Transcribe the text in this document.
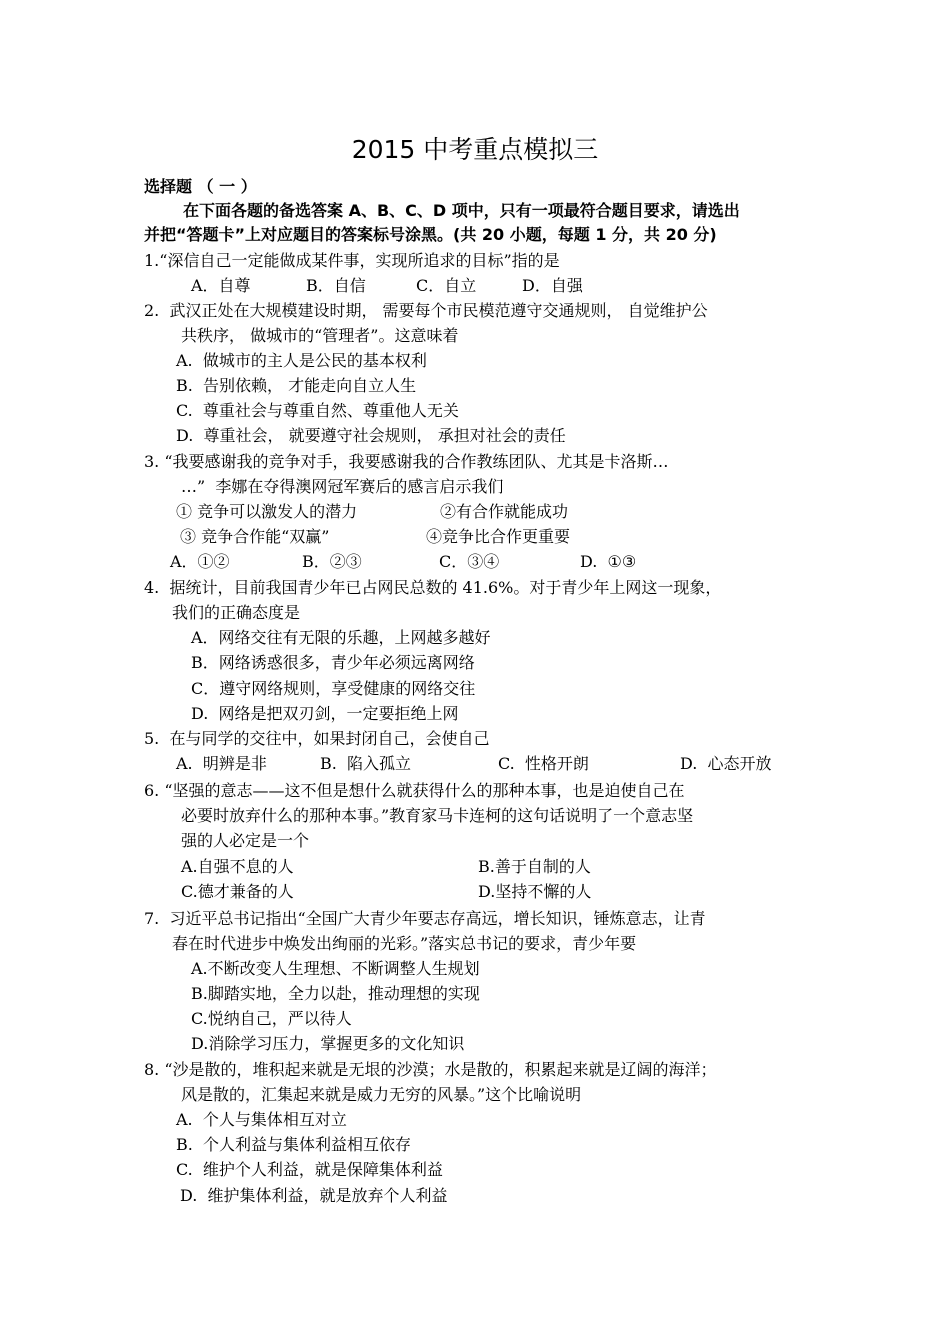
2015 中考重点模拟三
选择题 （ 一 ）
在下面各题的备选答案 A、B、C、D 项中，只有一项最符合题目要求，请选出
并把“答题卡”上对应题目的答案标号涂黑。(共 20 小题，每题 1 分，共 20 分)
1.“深信自己一定能做成某件事，实现所追求的目标”指的是
A．自尊	B．自信	C．自立	D．自强
2.  武汉正处在大规模建设时期， 需要每个市民模范遵守交通规则， 自觉维护公
共秩序， 做城市的“管理者”。这意味着
A.  做城市的主人是公民的基本权利
B.  告别依赖， 才能走向自立人生
C.  尊重社会与尊重自然、尊重他人无关
D.  尊重社会， 就要遵守社会规则， 承担对社会的责任
3. “我要感谢我的竞争对手，我要感谢我的合作教练团队、尤其是卡洛斯…
…”  李娜在夺得澳网冠军赛后的感言启示我们
① 竞争可以激发人的潜力	②有合作就能成功
③ 竞争合作能“双赢”	④竞争比合作更重要
A．①②	B．②③	C．③④	D.  ①③
4.  据统计，目前我国青少年已占网民总数的 41.6%。对于青少年上网这一现象，
我们的正确态度是
A．网络交往有无限的乐趣，上网越多越好
B．网络诱惑很多，青少年必须远离网络
C．遵守网络规则，享受健康的网络交往
D.  网络是把双刃剑，一定要拒绝上网
5.  在与同学的交往中，如果封闭自己，会使自己
A.  明辨是非	B.  陷入孤立	C.  性格开朗	D.  心态开放
6. “坚强的意志——这不但是想什么就获得什么的那种本事，也是迫使自己在
必要时放弃什么的那种本事。”教育家马卡连柯的这句话说明了一个意志坚
强的人必定是一个
A.自强不息的人	B.善于自制的人
C.德才兼备的人	D.坚持不懈的人
7.  习近平总书记指出“全国广大青少年要志存高远，增长知识，锤炼意志，让青
春在时代进步中焕发出绚丽的光彩。”落实总书记的要求，青少年要
A.不断改变人生理想、不断调整人生规划
B.脚踏实地，全力以赴，推动理想的实现
C.悦纳自己，严以待人
D.消除学习压力，掌握更多的文化知识
8. “沙是散的，堆积起来就是无垠的沙漠；水是散的，积累起来就是辽阔的海洋；
风是散的，汇集起来就是威力无穷的风暴。”这个比喻说明
A.  个人与集体相互对立
B.  个人利益与集体利益相互依存
C.  维护个人利益，就是保障集体利益
D.  维护集体利益，就是放弃个人利益
